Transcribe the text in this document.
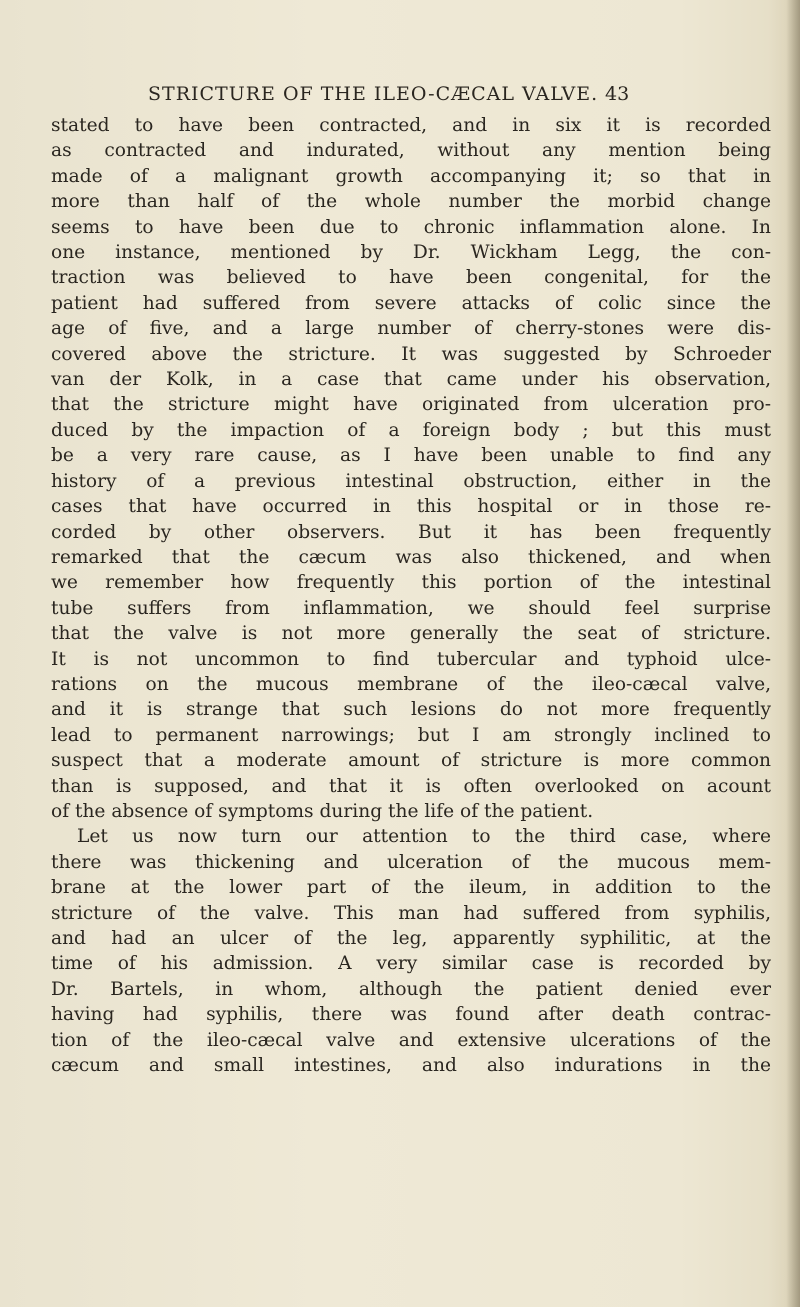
STRICTURE OF THE ILEO-CÆCAL VALVE. 43
stated to have been contracted, and in six it is recorded
as contracted and indurated, without any mention being
made of a malignant growth accompanying it; so that in
more than half of the whole number the morbid change
seems to have been due to chronic inflammation alone. In
one instance, mentioned by Dr. Wickham Legg, the con-
traction was believed to have been congenital, for the
patient had suffered from severe attacks of colic since the
age of five, and a large number of cherry-stones were dis-
covered above the stricture. It was suggested by Schroeder
van der Kolk, in a case that came under his observation,
that the stricture might have originated from ulceration pro-
duced by the impaction of a foreign body ; but this must
be a very rare cause, as I have been unable to find any
history of a previous intestinal obstruction, either in the
cases that have occurred in this hospital or in those re-
corded by other observers. But it has been frequently
remarked that the cæcum was also thickened, and when
we remember how frequently this portion of the intestinal
tube suffers from inflammation, we should feel surprise
that the valve is not more generally the seat of stricture.
It is not uncommon to find tubercular and typhoid ulce-
rations on the mucous membrane of the ileo-cæcal valve,
and it is strange that such lesions do not more frequently
lead to permanent narrowings; but I am strongly inclined to
suspect that a moderate amount of stricture is more common
than is supposed, and that it is often overlooked on acount
of the absence of symptoms during the life of the patient.
Let us now turn our attention to the third case, where
there was thickening and ulceration of the mucous mem-
brane at the lower part of the ileum, in addition to the
stricture of the valve. This man had suffered from syphilis,
and had an ulcer of the leg, apparently syphilitic, at the
time of his admission. A very similar case is recorded by
Dr. Bartels, in whom, although the patient denied ever
having had syphilis, there was found after death contrac-
tion of the ileo-cæcal valve and extensive ulcerations of the
cæcum and small intestines, and also indurations in the
